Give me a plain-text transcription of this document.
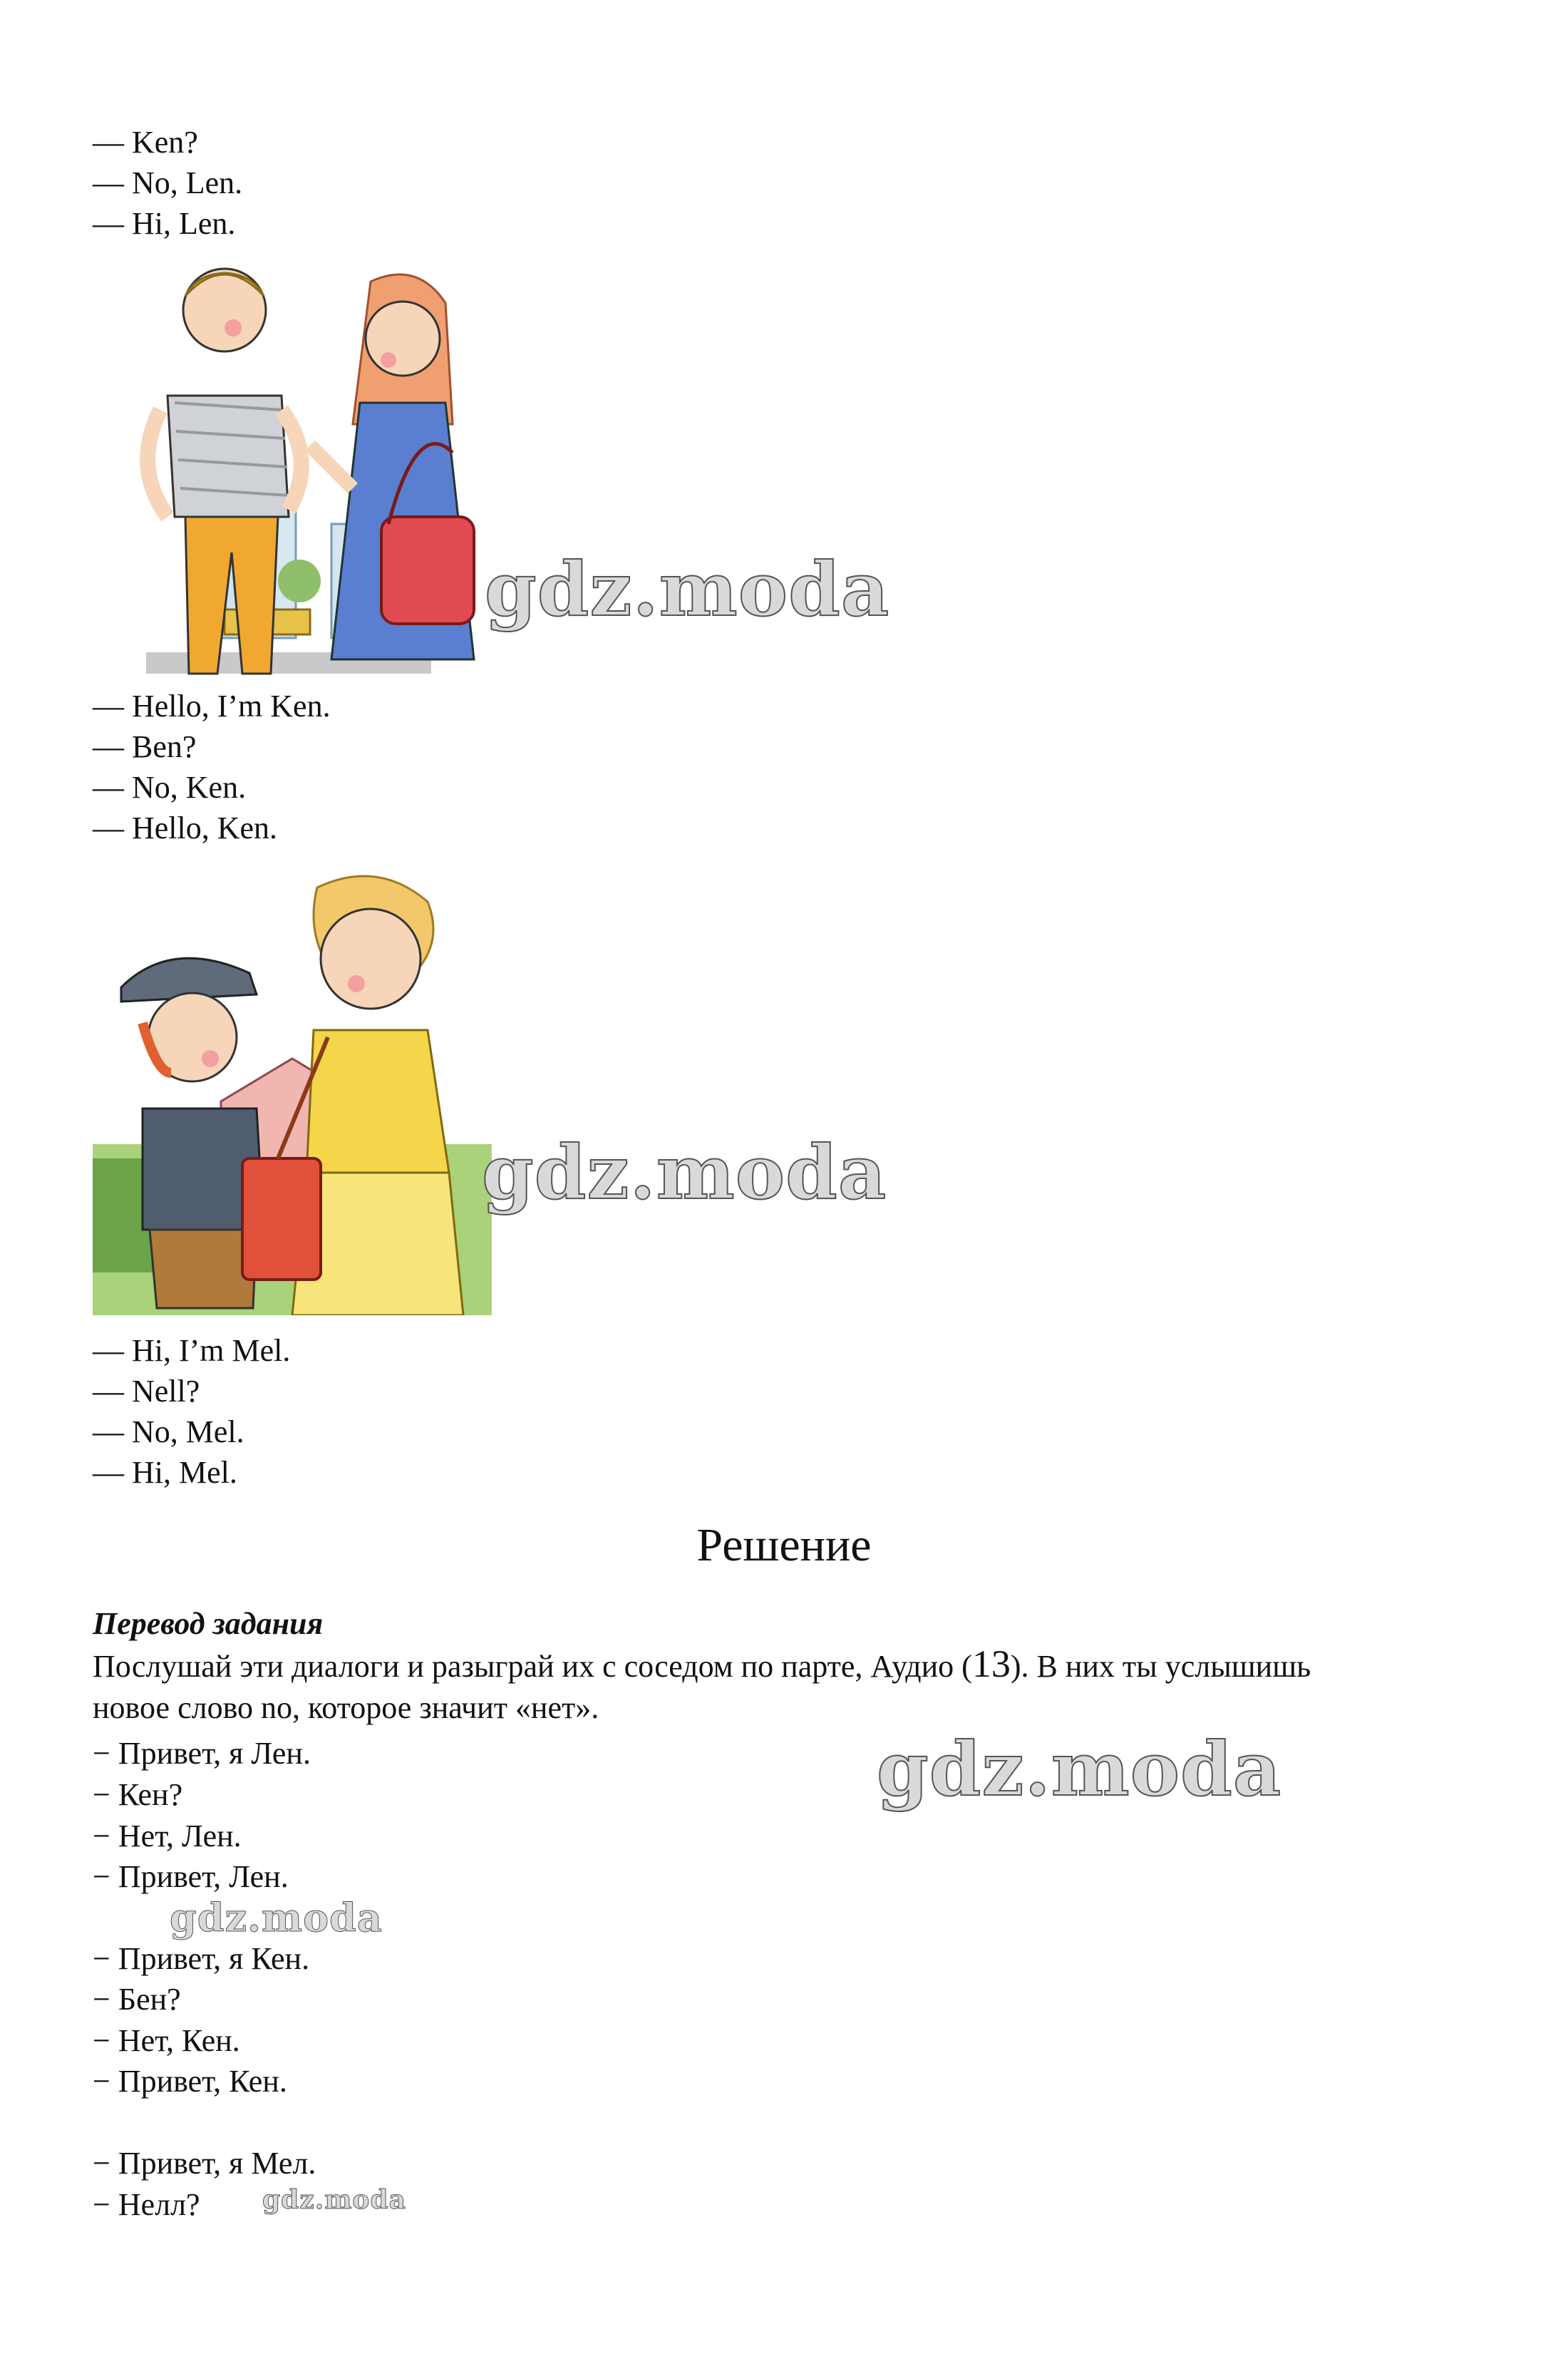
— Ken?
— No, Len.
— Hi, Len.
— Hello, I’m Ken.
— Ben?
— No, Ken.
— Hello, Ken.
— Hi, I’m Mel.
— Nell?
— No, Mel.
— Hi, Mel.
Решение
Перевод задания
Послушай эти диалоги и разыграй их с соседом по парте, Аудио (13). В них ты услышишь новое слово no, которое значит «нет».
− Привет, я Лен.
− Кен?
− Нет, Лен.
− Привет, Лен.
− Привет, я Кен.
− Бен?
− Нет, Кен.
− Привет, Кен.
− Привет, я Мел.
− Нелл?
gdz.moda
gdz.moda
gdz.moda
gdz.moda
gdz.moda
